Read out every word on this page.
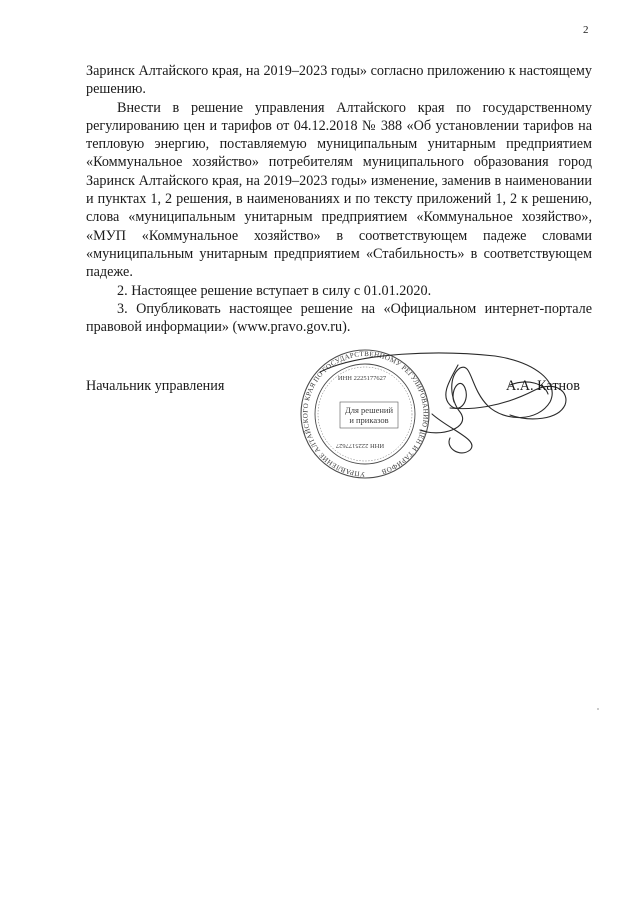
2

Заринск Алтайского края, на 2019–2023 годы» согласно приложению к настоящему решению.

Внести в решение управления Алтайского края по государственному регулированию цен и тарифов от 04.12.2018 № 388 «Об установлении тарифов на тепловую энергию, поставляемую муниципальным унитарным предприятием «Коммунальное хозяйство» потребителям муниципального образования город Заринск Алтайского края, на 2019–2023 годы» изменение, заменив в наименовании и пунктах 1, 2 решения, в наименованиях и по тексту приложений 1, 2 к решению, слова «муниципальным унитарным предприятием «Коммунальное хозяйство», «МУП «Коммунальное хозяйство» в соответствующем падеже словами «муниципальным унитарным предприятием «Стабильность» в соответствующем падеже.

2. Настоящее решение вступает в силу с 01.01.2020.

3. Опубликовать настоящее решение на «Официальном интернет-портале правовой информации» (www.pravo.gov.ru).

УПРАВЛЕНИЕ АЛТАЙСКОГО КРАЯ ПО ГОСУДАРСТВЕННОМУ РЕГУЛИРОВАНИЮ ЦЕН И ТАРИФОВ
Для решений
и приказов
ИНН 2225177627
ИНН 2225177627
Начальник управления	А.А. Катнов
